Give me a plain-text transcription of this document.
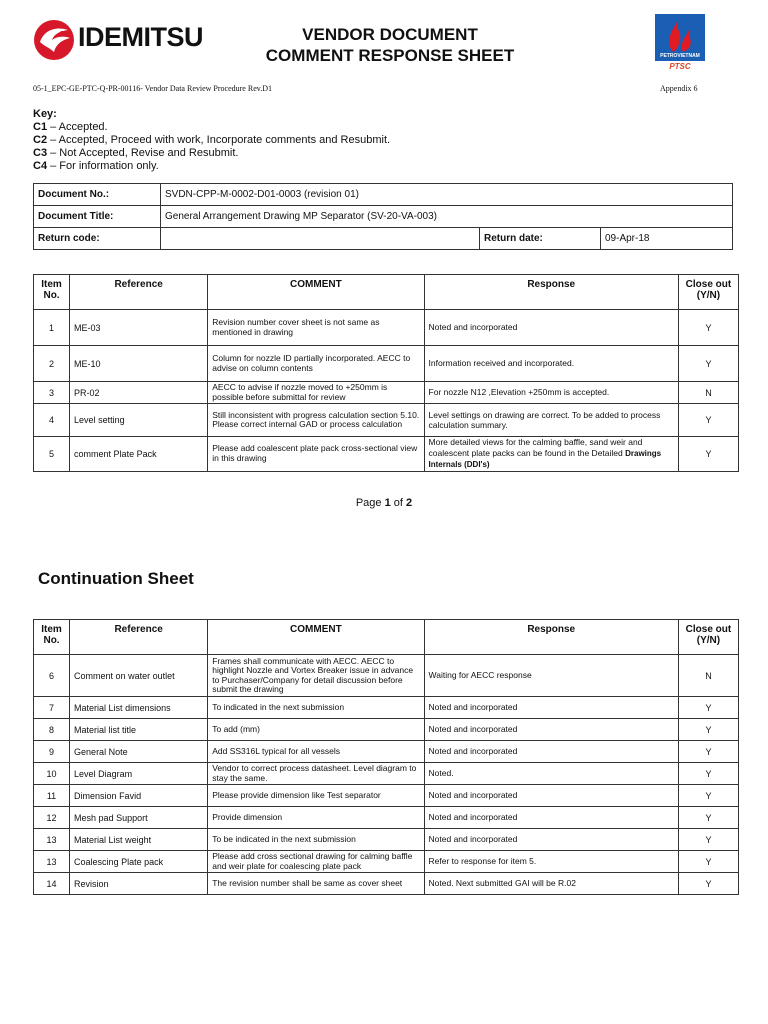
IDEMITSU	VENDOR DOCUMENT
COMMENT RESPONSE SHEET	PETROVIETNAM
PTSC
05-1_EPC-GE-PTC-Q-PR-00116- Vendor Data Review Procedure Rev.D1	Appendix 6
Key:
C1 – Accepted.
C2 – Accepted, Proceed with work, Incorporate comments and Resubmit.
C3 – Not Accepted, Revise and Resubmit.
C4 – For information only.
Document No.:	SVDN-CPP-M-0002-D01-0003 (revision 01)		
Document Title:	General Arrangement Drawing MP Separator (SV-20-VA-003)		
Return code:		Return date:	09-Apr-18
Item No.	Reference	COMMENT	Response	Close out (Y/N)
1	ME-03	Revision number cover sheet is not same as mentioned in drawing	Noted and incorporated	Y
2	ME-10	Column for nozzle ID partially incorporated. AECC to advise on column contents	Information received and incorporated.	Y
3	PR-02	AECC to advise if nozzle moved to +250mm is possible before submittal for review	For nozzle N12 ,Elevation +250mm is accepted.	N
4	Level setting	Still inconsistent with progress calculation section 5.10. Please correct internal GAD or process calculation	Level settings on drawing are correct. To be added to process calculation summary.	Y
5	comment Plate Pack	Please add coalescent plate pack cross-sectional view in this drawing	More detailed views for the calming baffle, sand weir and coalescent plate packs can be found in the Detailed Drawings Internals (DDI's)	Y
Page 1 of 2
Continuation Sheet
Item No.	Reference	COMMENT	Response	Close out (Y/N)
6	Comment on water outlet	Frames shall communicate with AECC. AECC to highlight Nozzle and Vortex Breaker issue in advance to Purchaser/Company for detail discussion before submit the drawing	Waiting for AECC response	N
7	Material List dimensions	To indicated in the next submission	Noted and incorporated	Y
8	Material list title	To add (mm)	Noted and incorporated	Y
9	General Note	Add SS316L typical for all vessels	Noted and incorporated	Y
10	Level Diagram	Vendor to correct process datasheet. Level diagram to stay the same.	Noted.	Y
11	Dimension Favid	Please provide dimension like Test separator	Noted and incorporated	Y
12	Mesh pad Support	Provide dimension	Noted and incorporated	Y
13	Material List weight	To be indicated in the next submission	Noted and incorporated	Y
13	Coalescing Plate pack	Please add cross sectional drawing for calming baffle and weir plate for coalescing plate pack	Refer to response for item 5.	Y
14	Revision	The revision number shall be same as cover sheet	Noted. Next submitted GAI will be R.02	Y
